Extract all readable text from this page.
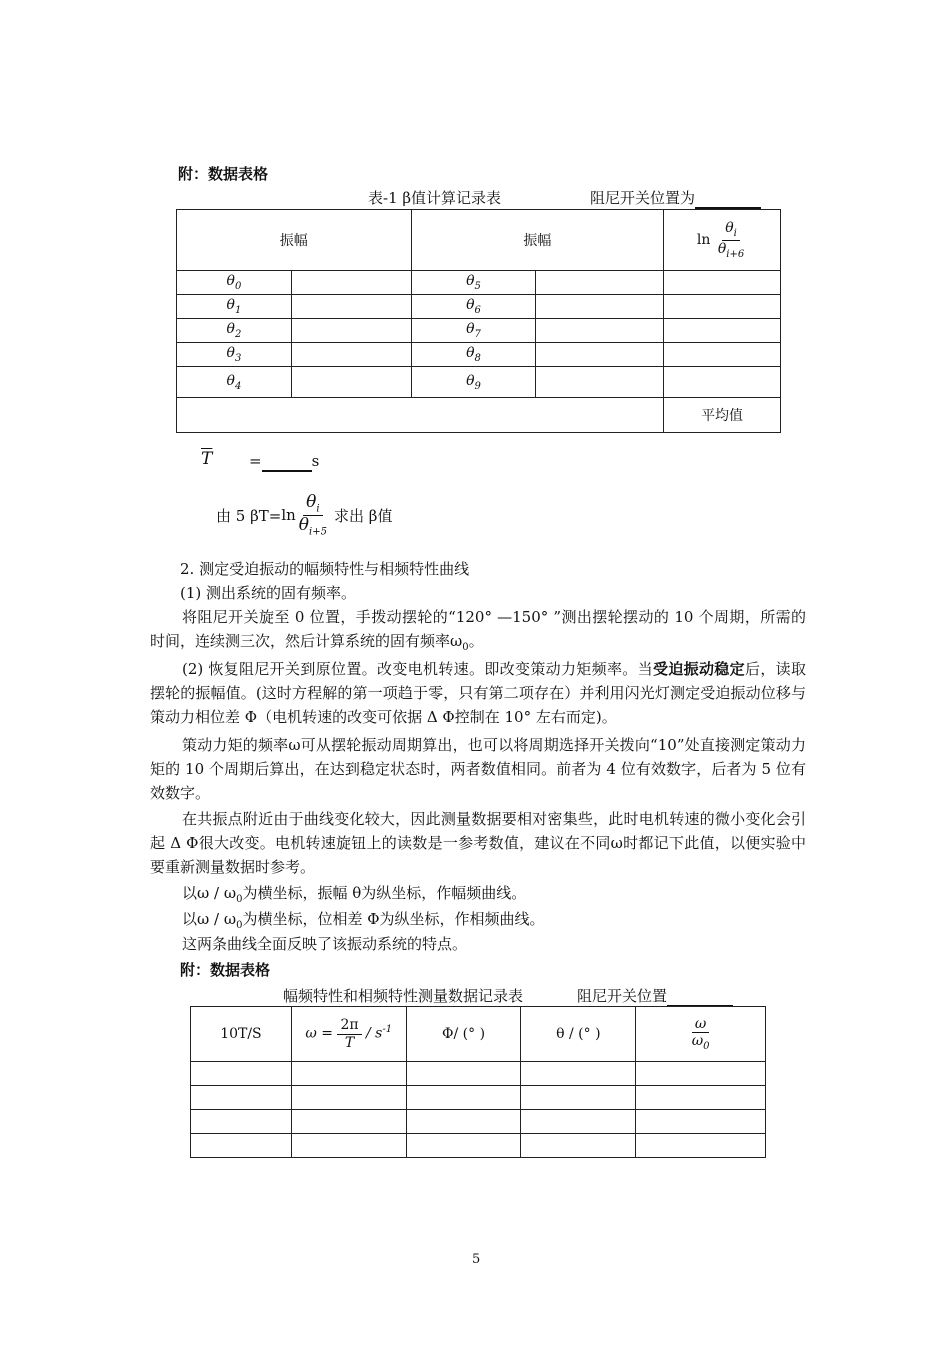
附：数据表格
表-1 β值计算记录表	阻尼开关位置为
振幅		振幅		$\ln \frac{\theta_i}{\theta_{i+6}}$

$\theta_0$		$\theta_5$		
$\theta_1$		$\theta_6$		
$\theta_2$		$\theta_7$		
$\theta_3$		$\theta_8$		
$\theta_4$		$\theta_9$		
				平均值
$\overline{T}$ =	s
由 5 $\beta T= \ln \frac{\theta_i}{\theta_{i+5}}$ 求出 β值
2. 测定受迫振动的幅频特性与相频特性曲线
(1) 测出系统的固有频率。
将阻尼开关旋至 0 位置，手拨动摆轮的“120° —150° ”测出摆轮摆动的 10 个周期，所需的时间，连续测三次，然后计算系统的固有频率$\omega_0$。
(2) 恢复阻尼开关到原位置。改变电机转速。即改变策动力矩频率。当受迫振动稳定后，读取摆轮的振幅值。(这时方程解的第一项趋于零，只有第二项存在）并利用闪光灯测定受迫振动位移与策动力相位差 Φ（电机转速的改变可依据 Δ Φ控制在 10° 左右而定)。
策动力矩的频率ω可从摆轮振动周期算出，也可以将周期选择开关拨向“10”处直接测定策动力矩的 10 个周期后算出，在达到稳定状态时，两者数值相同。前者为 4 位有效数字，后者为 5 位有效数字。
在共振点附近由于曲线变化较大，因此测量数据要相对密集些，此时电机转速的微小变化会引起 Δ Φ很大改变。电机转速旋钮上的读数是一参考数值，建议在不同ω时都记下此值，以便实验中要重新测量数据时参考。
以ω / $\omega_0$为横坐标，振幅 θ为纵坐标，作幅频曲线。
以ω / $\omega_0$为横坐标，位相差 Φ为纵坐标，作相频曲线。
这两条曲线全面反映了该振动系统的特点。
附：数据表格
幅频特性和相频特性测量数据记录表	阻尼开关位置
10T/S	$\omega = \frac{2\pi}{T} / s^{-1}$	Φ/ (° )	θ / (° )	$\frac{\omega}{\omega_0}$

5
